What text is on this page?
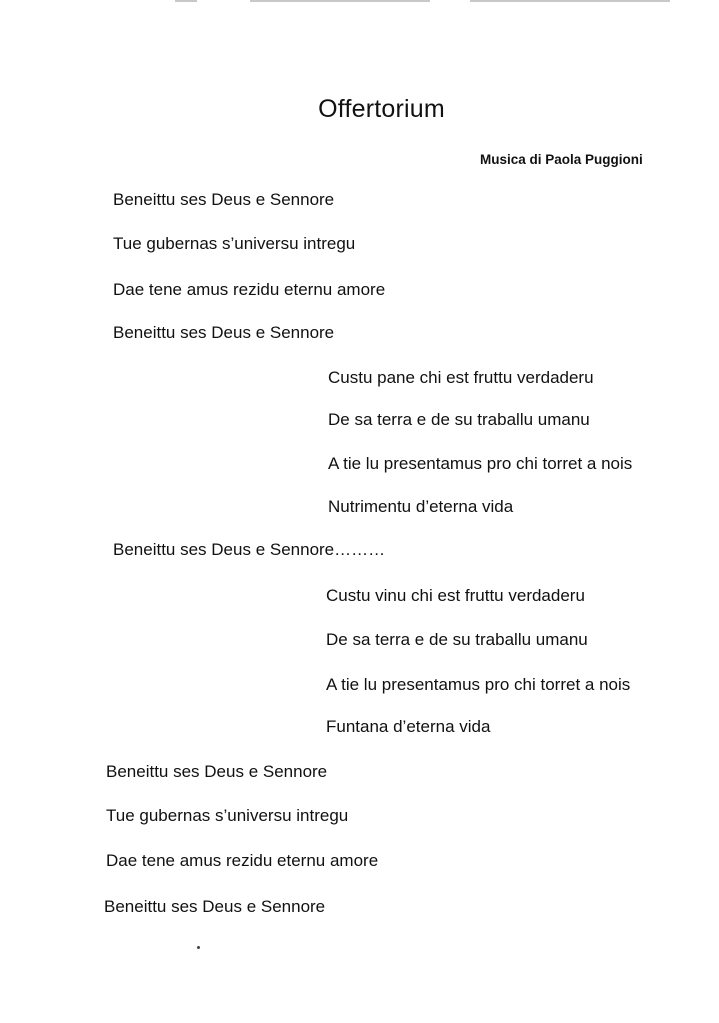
Offertorium
Musica di Paola Puggioni
Beneittu ses Deus e Sennore
Tue gubernas s’universu intregu
Dae tene amus rezidu eternu amore
Beneittu ses Deus e Sennore
Custu pane chi est fruttu verdaderu
De sa terra e de su traballu umanu
A tie lu presentamus pro chi torret a nois
Nutrimentu d’eterna vida
Beneittu ses Deus e Sennore………
Custu vinu chi est fruttu verdaderu
De sa terra e de su traballu umanu
A tie lu presentamus pro chi torret a nois
Funtana d’eterna vida
Beneittu ses Deus e Sennore
Tue gubernas s’universu intregu
Dae tene amus rezidu eternu amore
Beneittu ses Deus e Sennore
